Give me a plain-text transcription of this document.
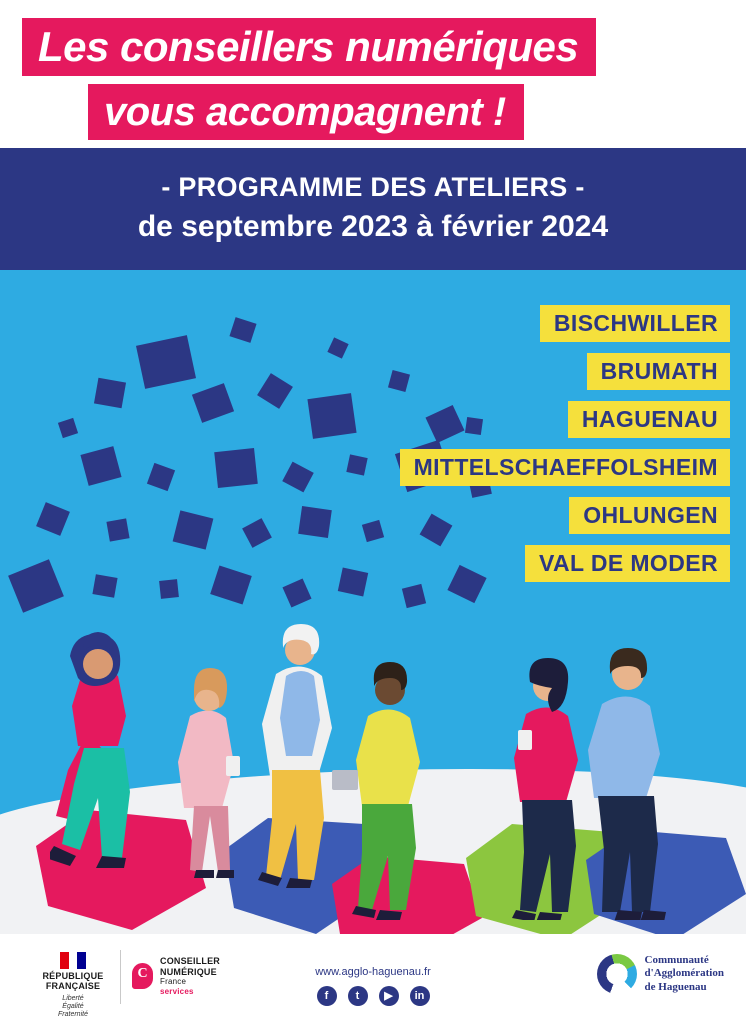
Les conseillers numériques
vous accompagnent !
- PROGRAMME DES ATELIERS -
de septembre 2023 à février 2024
BISCHWILLER
BRUMATH
HAGUENAU
MITTELSCHAEFFOLSHEIM
OHLUNGEN
VAL DE MODER
RÉPUBLIQUE
FRANÇAISE
Liberté
Égalité
Fraternité
C
CONSEILLER
NUMÉRIQUE
France
services
www.agglo-haguenau.fr
f	t	▶	in
Communauté
d'Agglomération
de Haguenau
